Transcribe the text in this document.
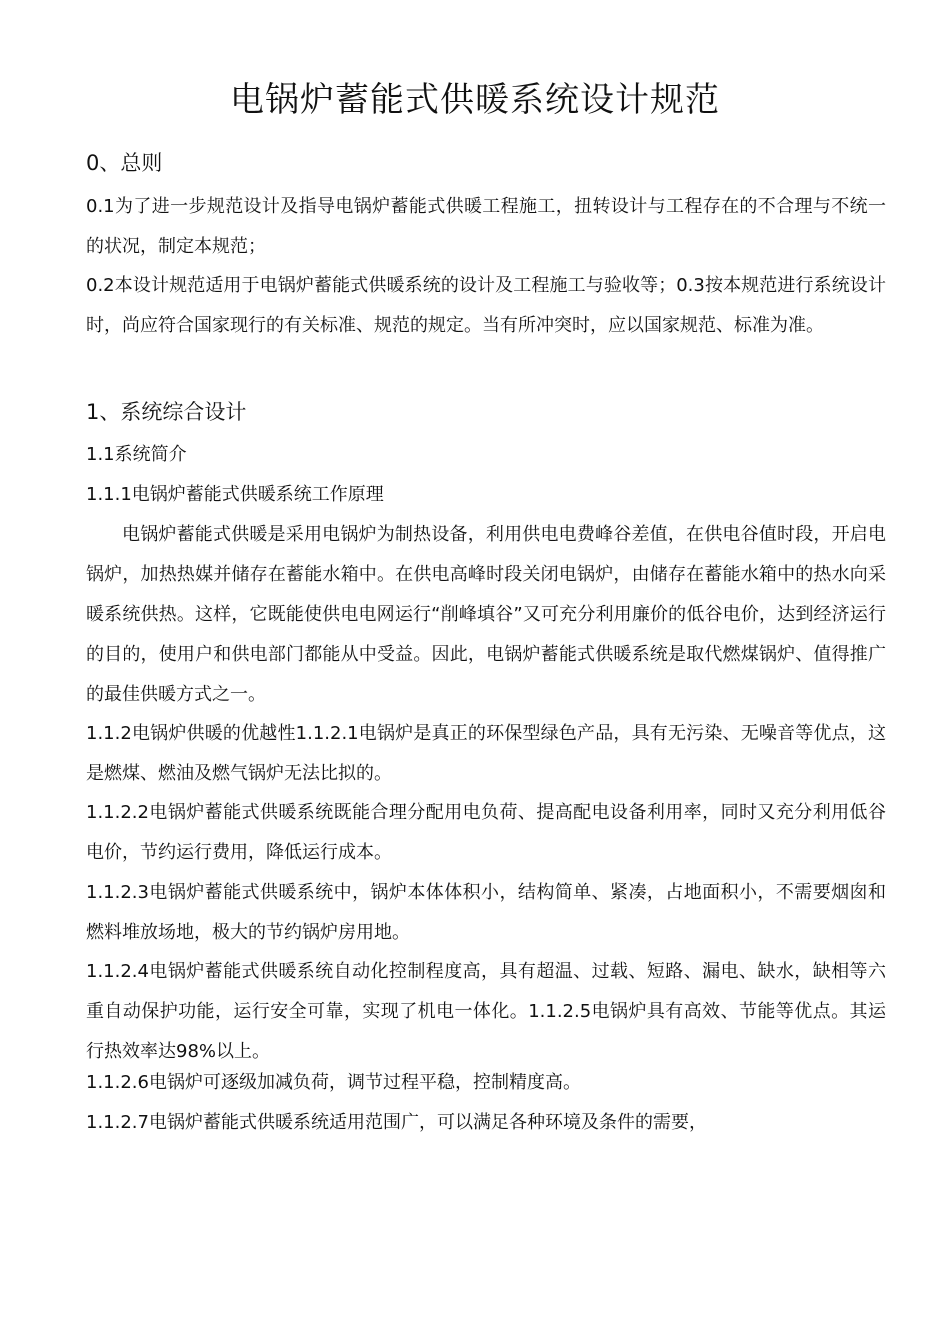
电锅炉蓄能式供暖系统设计规范
0、总则
0.1为了进一步规范设计及指导电锅炉蓄能式供暖工程施工，扭转设计与工程存在的不合理与不统一的状况，制定本规范；
0.2本设计规范适用于电锅炉蓄能式供暖系统的设计及工程施工与验收等；0.3按本规范进行系统设计时，尚应符合国家现行的有关标准、规范的规定。当有所冲突时，应以国家规范、标准为准。
1、系统综合设计
1.1系统简介
1.1.1电锅炉蓄能式供暖系统工作原理
电锅炉蓄能式供暖是采用电锅炉为制热设备，利用供电电费峰谷差值，在供电谷值时段，开启电锅炉，加热热媒并储存在蓄能水箱中。在供电高峰时段关闭电锅炉，由储存在蓄能水箱中的热水向采暖系统供热。这样，它既能使供电电网运行“削峰填谷”又可充分利用廉价的低谷电价，达到经济运行的目的，使用户和供电部门都能从中受益。因此，电锅炉蓄能式供暖系统是取代燃煤锅炉、值得推广的最佳供暖方式之一。
1.1.2电锅炉供暖的优越性1.1.2.1电锅炉是真正的环保型绿色产品，具有无污染、无噪音等优点，这是燃煤、燃油及燃气锅炉无法比拟的。
1.1.2.2电锅炉蓄能式供暖系统既能合理分配用电负荷、提高配电设备利用率，同时又充分利用低谷电价，节约运行费用，降低运行成本。
1.1.2.3电锅炉蓄能式供暖系统中，锅炉本体体积小，结构简单、紧凑，占地面积小，不需要烟囱和燃料堆放场地，极大的节约锅炉房用地。
1.1.2.4电锅炉蓄能式供暖系统自动化控制程度高，具有超温、过载、短路、漏电、缺水，缺相等六重自动保护功能，运行安全可靠，实现了机电一体化。1.1.2.5电锅炉具有高效、节能等优点。其运行热效率达98%以上。
1.1.2.6电锅炉可逐级加减负荷，调节过程平稳，控制精度高。
1.1.2.7电锅炉蓄能式供暖系统适用范围广，可以满足各种环境及条件的需要，
